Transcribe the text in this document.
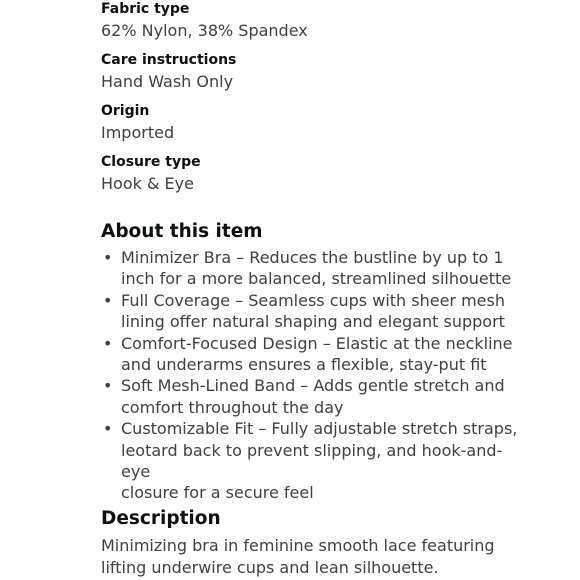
Fabric type
62% Nylon, 38% Spandex
Care instructions
Hand Wash Only
Origin
Imported
Closure type
Hook & Eye
About this item
• Minimizer Bra – Reduces the bustline by up to 1
inch for a more balanced, streamlined silhouette
• Full Coverage – Seamless cups with sheer mesh
lining offer natural shaping and elegant support
• Comfort-Focused Design – Elastic at the neckline
and underarms ensures a flexible, stay-put fit
• Soft Mesh-Lined Band – Adds gentle stretch and
comfort throughout the day
• Customizable Fit – Fully adjustable stretch straps,
leotard back to prevent slipping, and hook-and-eye
closure for a secure feel
Description
Minimizing bra in feminine smooth lace featuring
lifting underwire cups and lean silhouette.
